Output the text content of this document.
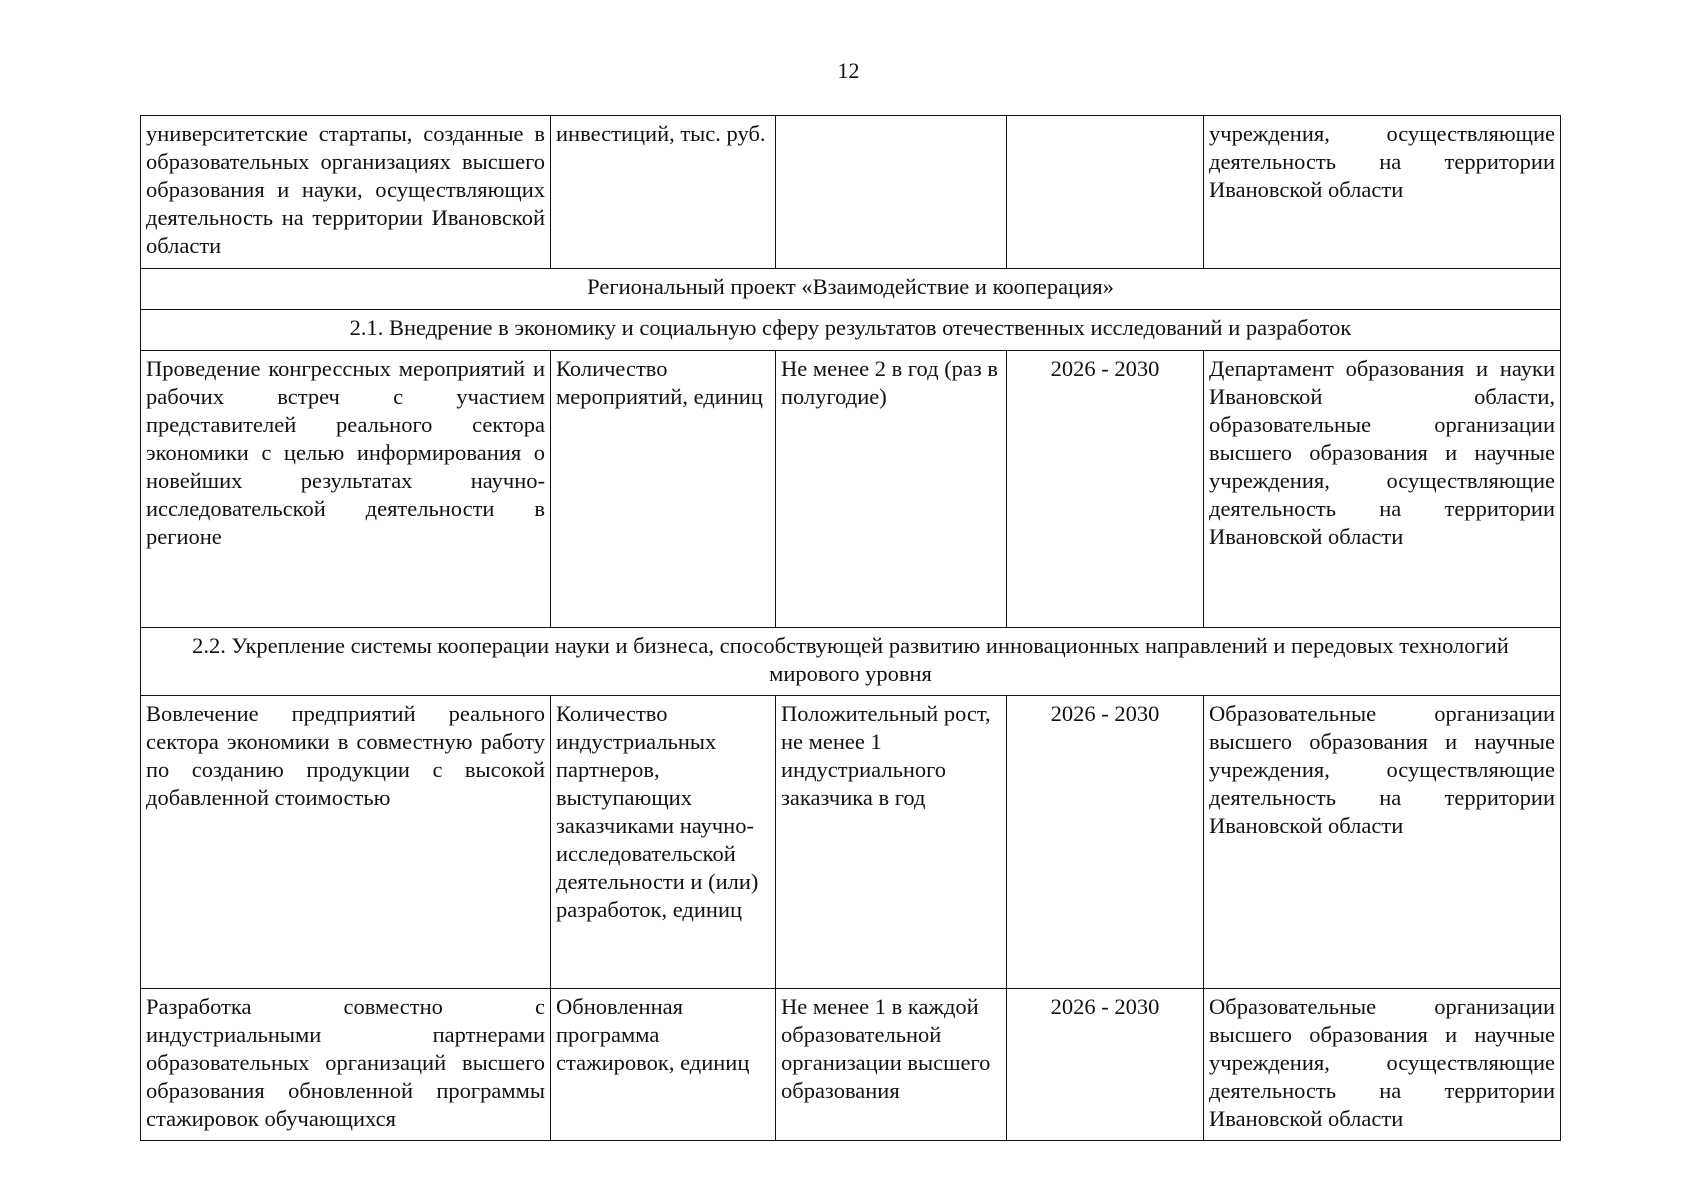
12
университетские стартапы, созданные в образовательных организациях высшего образования и науки, осуществляющих деятельность на территории Ивановской области	инвестиций, тыс. руб.			учреждения, осуществляющие деятельность на территории Ивановской области
Региональный проект «Взаимодействие и кооперация»				
2.1. Внедрение в экономику и социальную сферу результатов отечественных исследований и разработок				
Проведение конгрессных мероприятий и рабочих встреч с участием представителей реального сектора экономики с целью информирования о новейших результатах научно-исследовательской деятельности в регионе	Количество мероприятий, единиц	Не менее 2 в год (раз в полугодие)	2026 - 2030	Департамент образования и науки Ивановской области, образовательные организации высшего образования и научные учреждения, осуществляющие деятельность на территории Ивановской области
2.2. Укрепление системы кооперации науки и бизнеса, способствующей развитию инновационных направлений и передовых технологий мирового уровня				
Вовлечение предприятий реального сектора экономики в совместную работу по созданию продукции с высокой добавленной стоимостью	Количество индустриальных партнеров, выступающих заказчиками научно-исследовательской деятельности и (или) разработок, единиц	Положительный рост, не менее 1 индустриального заказчика в год	2026 - 2030	Образовательные организации высшего образования и научные учреждения, осуществляющие деятельность на территории Ивановской области
Разработка совместно с индустриальными партнерами образовательных организаций высшего образования обновленной программы стажировок обучающихся	Обновленная программа стажировок, единиц	Не менее 1 в каждой образовательной организации высшего образования	2026 - 2030	Образовательные организации высшего образования и научные учреждения, осуществляющие деятельность на территории Ивановской области
